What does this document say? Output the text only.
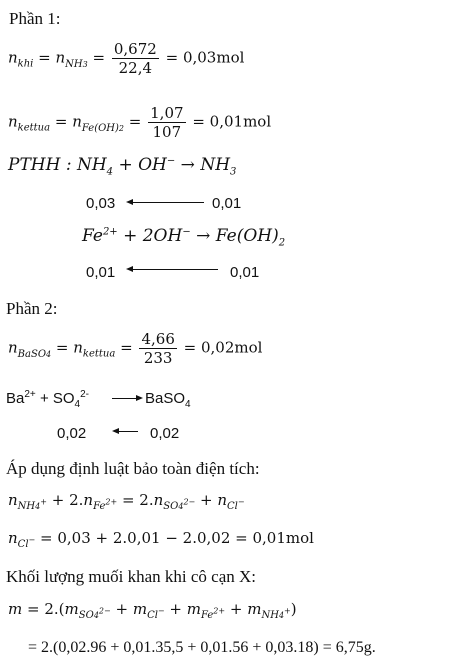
Phần 1:
$n_{khi} = n_{NH3} = \frac{0,672}{22,4} = 0,03mol$
$n_{kettua} = n_{Fe(OH)2} = \frac{1,07}{107} = 0,01mol$
PTHH : $NH_4 + OH^- \to NH_3$
0,03	0,01
$Fe^{2+} + 2OH^- \to Fe(OH)_2$
0,01	0,01
Phần 2:
$n_{BaSO4} = n_{kettua} = \frac{4,66}{233} = 0,02mol$
$Ba^{2+} + SO_4^{2-}$	BaSO$_4$
0,02	0,02
Áp dụng định luật bảo toàn điện tích:
$n_{NH4^+} + 2.n_{Fe^{2+}} = 2.n_{SO4^{2-}} + n_{Cl^-}$
$n_{Cl^-} = 0,03 + 2.0,01 - 2.0,02 = 0,01mol$
Khối lượng muối khan khi cô cạn X:
$m = 2.(m_{SO4^{2-}} + m_{Cl^-} + m_{Fe^{2+}} + m_{NH4^+})$
= 2.(0,02.96 + 0,01.35,5 + 0,01.56 + 0,03.18) = 6,75g.
